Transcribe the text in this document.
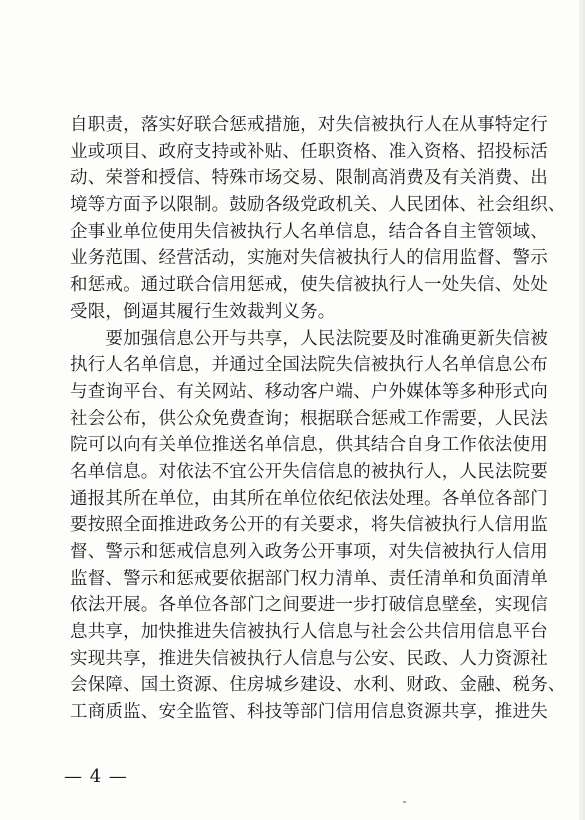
自职责，落实好联合惩戒措施，对失信被执行人在从事特定行
业或项目、政府支持或补贴、任职资格、准入资格、招投标活
动、荣誉和授信、特殊市场交易、限制高消费及有关消费、出
境等方面予以限制。鼓励各级党政机关、人民团体、社会组织、
企事业单位使用失信被执行人名单信息，结合各自主管领域、
业务范围、经营活动，实施对失信被执行人的信用监督、警示
和惩戒。通过联合信用惩戒，使失信被执行人一处失信、处处
受限，倒逼其履行生效裁判义务。
　　要加强信息公开与共享，人民法院要及时准确更新失信被
执行人名单信息，并通过全国法院失信被执行人名单信息公布
与查询平台、有关网站、移动客户端、户外媒体等多种形式向
社会公布，供公众免费查询；根据联合惩戒工作需要，人民法
院可以向有关单位推送名单信息，供其结合自身工作依法使用
名单信息。对依法不宜公开失信信息的被执行人，人民法院要
通报其所在单位，由其所在单位依纪依法处理。各单位各部门
要按照全面推进政务公开的有关要求，将失信被执行人信用监
督、警示和惩戒信息列入政务公开事项，对失信被执行人信用
监督、警示和惩戒要依据部门权力清单、责任清单和负面清单
依法开展。各单位各部门之间要进一步打破信息壁垒，实现信
息共享，加快推进失信被执行人信息与社会公共信用信息平台
实现共享，推进失信被执行人信息与公安、民政、人力资源社
会保障、国土资源、住房城乡建设、水利、财政、金融、税务、
工商质监、安全监管、科技等部门信用信息资源共享，推进失
— 4 —
